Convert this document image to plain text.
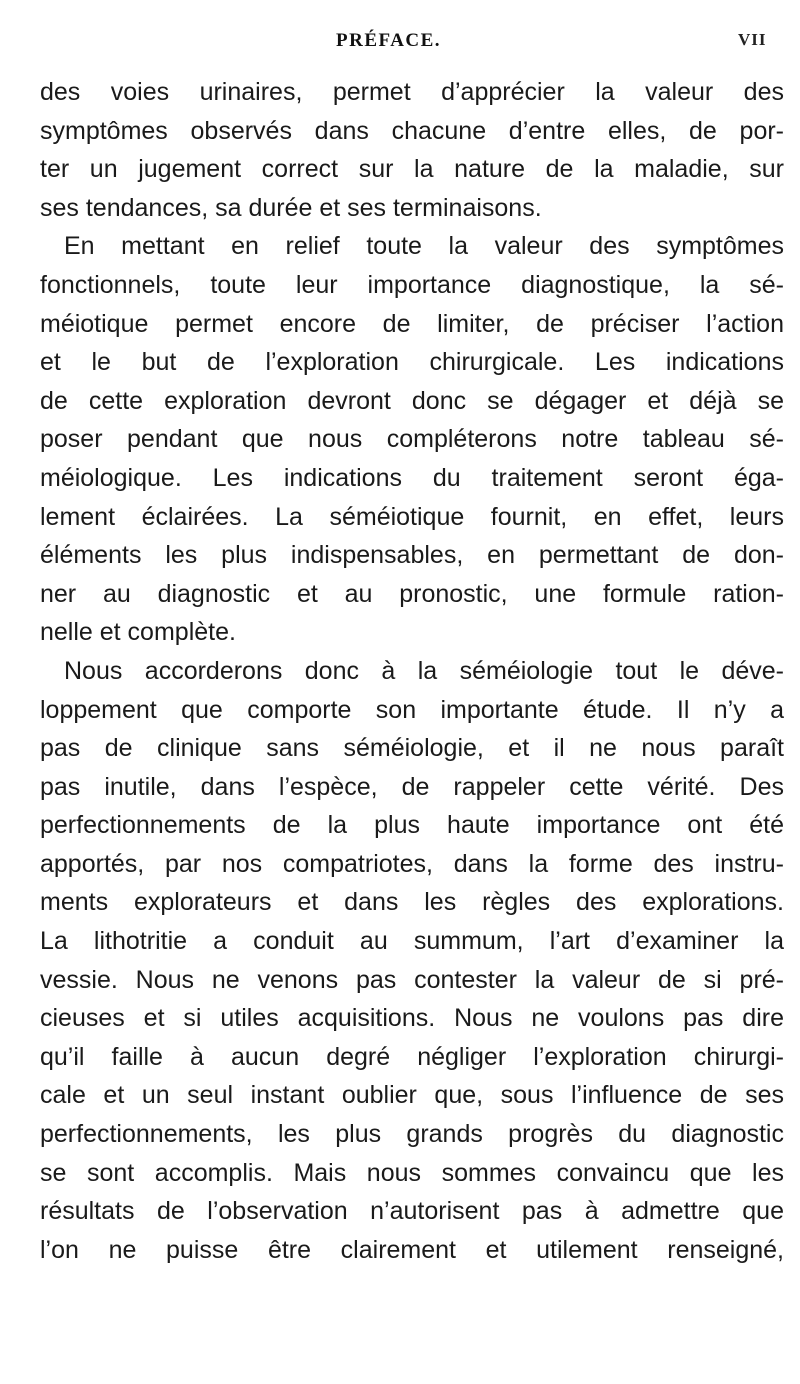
PRÉFACE.	VII
des voies urinaires, permet d’apprécier la valeur des
symptômes observés dans chacune d’entre elles, de por-
ter un jugement correct sur la nature de la maladie, sur
ses tendances, sa durée et ses terminaisons.
En mettant en relief toute la valeur des symptômes
fonctionnels, toute leur importance diagnostique, la sé-
méiotique permet encore de limiter, de préciser l’action
et le but de l’exploration chirurgicale. Les indications
de cette exploration devront donc se dégager et déjà se
poser pendant que nous compléterons notre tableau sé-
méiologique. Les indications du traitement seront éga-
lement éclairées. La séméiotique fournit, en effet, leurs
éléments les plus indispensables, en permettant de don-
ner au diagnostic et au pronostic, une formule ration-
nelle et complète.
Nous accorderons donc à la séméiologie tout le déve-
loppement que comporte son importante étude. Il n’y a
pas de clinique sans séméiologie, et il ne nous paraît
pas inutile, dans l’espèce, de rappeler cette vérité. Des
perfectionnements de la plus haute importance ont été
apportés, par nos compatriotes, dans la forme des instru-
ments explorateurs et dans les règles des explorations.
La lithotritie a conduit au summum, l’art d’examiner la
vessie. Nous ne venons pas contester la valeur de si pré-
cieuses et si utiles acquisitions. Nous ne voulons pas dire
qu’il faille à aucun degré négliger l’exploration chirurgi-
cale et un seul instant oublier que, sous l’influence de ses
perfectionnements, les plus grands progrès du diagnostic
se sont accomplis. Mais nous sommes convaincu que les
résultats de l’observation n’autorisent pas à admettre que
l’on ne puisse être clairement et utilement renseigné,
